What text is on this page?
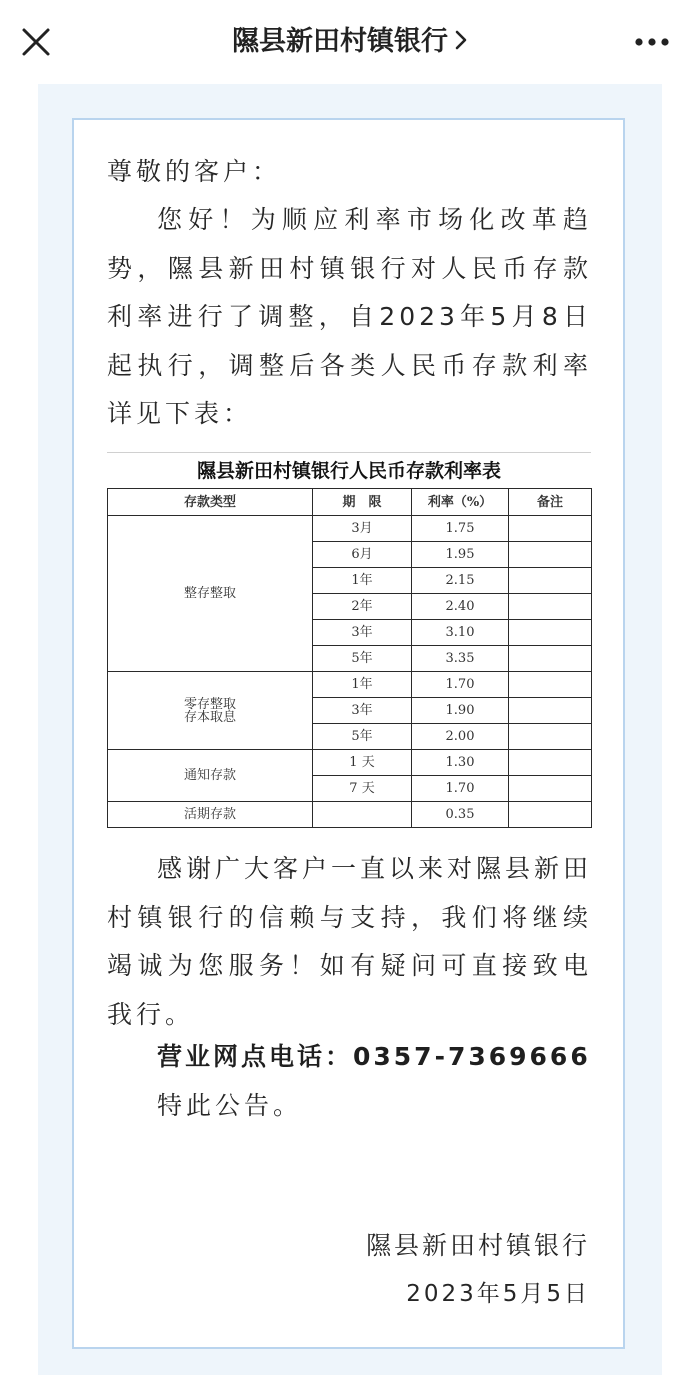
隰县新田村镇银行
尊敬的客户：
您好！为顺应利率市场化改革趋势，隰县新田村镇银行对人民币存款利率进行了调整，自2023年5月8日起执行，调整后各类人民币存款利率详见下表：
隰县新田村镇银行人民币存款利率表
存款类型	期　限	利率（%）	备注

整存整取	3月	1.75	
	6月	1.95	
	1年	2.15	
	2年	2.40	
	3年	3.10	
	5年	3.35	

零存整取
存本取息	1年	1.70	
	3年	1.90	
	5年	2.00	

通知存款	1 天	1.30	
	7 天	1.70	

活期存款		0.35	
感谢广大客户一直以来对隰县新田村镇银行的信赖与支持，我们将继续竭诚为您服务！如有疑问可直接致电我行。
营业网点电话：0357-7369666
特此公告。
隰县新田村镇银行
2023年5月5日
